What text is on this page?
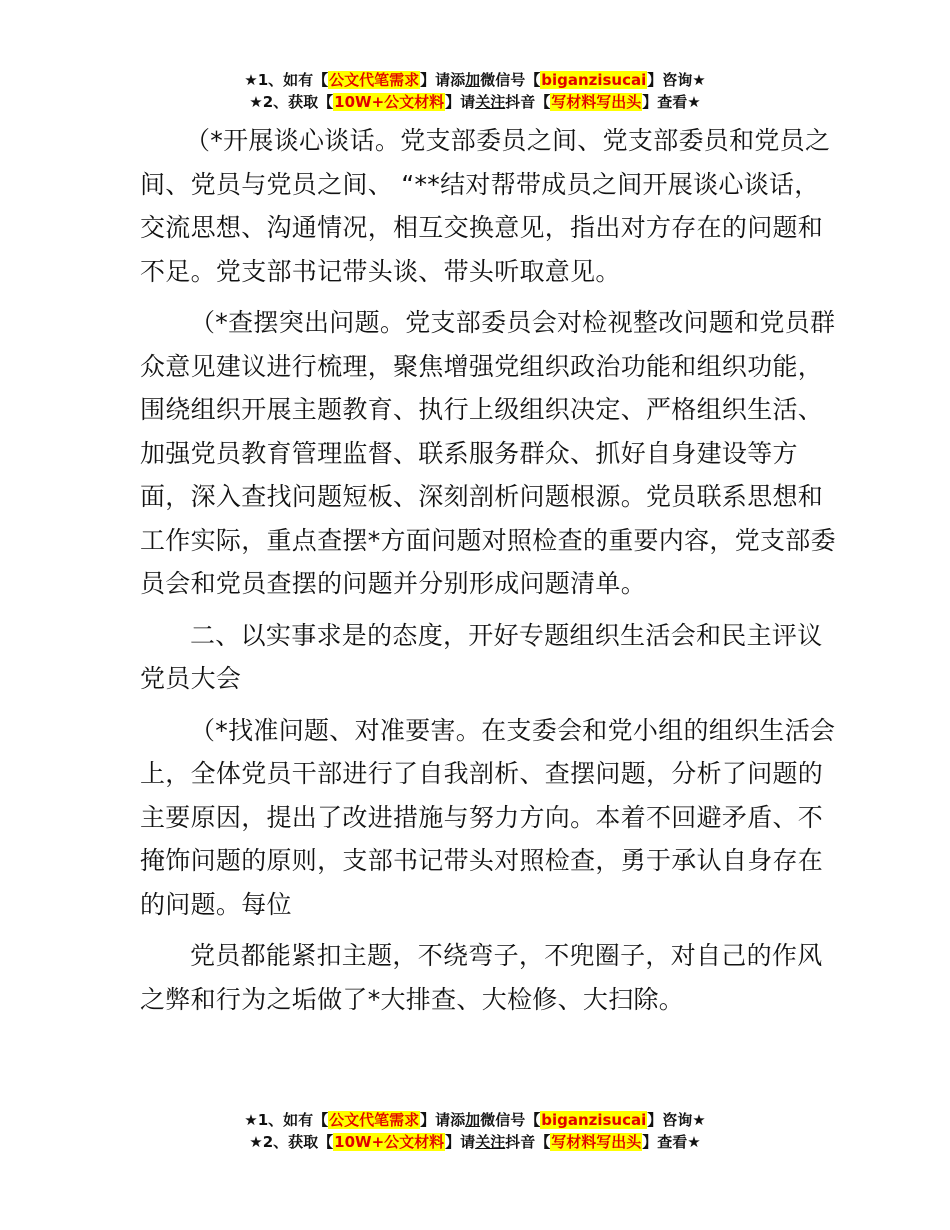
★1、如有【公文代笔需求】请添加微信号【biganzisucai】咨询★
★2、获取【10W+公文材料】请关注抖音【写材料写出头】查看★

（*开展谈心谈话。党支部委员之间、党支部委员和党员之间、党员与党员之间、 “**结对帮带成员之间开展谈心谈话，交流思想、沟通情况，相互交换意见，指出对方存在的问题和不足。党支部书记带头谈、带头听取意见。

（*查摆突出问题。党支部委员会对检视整改问题和党员群众意见建议进行梳理，聚焦增强党组织政治功能和组织功能，围绕组织开展主题教育、执行上级组织决定、严格组织生活、加强党员教育管理监督、联系服务群众、抓好自身建设等方面，深入查找问题短板、深刻剖析问题根源。党员联系思想和工作实际，重点查摆*方面问题对照检查的重要内容，党支部委员会和党员查摆的问题并分别形成问题清单。

二、以实事求是的态度，开好专题组织生活会和民主评议党员大会

（*找准问题、对准要害。在支委会和党小组的组织生活会上，全体党员干部进行了自我剖析、查摆问题，分析了问题的主要原因，提出了改进措施与努力方向。本着不回避矛盾、不掩饰问题的原则，支部书记带头对照检查，勇于承认自身存在的问题。每位

党员都能紧扣主题，不绕弯子，不兜圈子，对自己的作风之弊和行为之垢做了*大排查、大检修、大扫除。

★1、如有【公文代笔需求】请添加微信号【biganzisucai】咨询★
★2、获取【10W+公文材料】请关注抖音【写材料写出头】查看★
